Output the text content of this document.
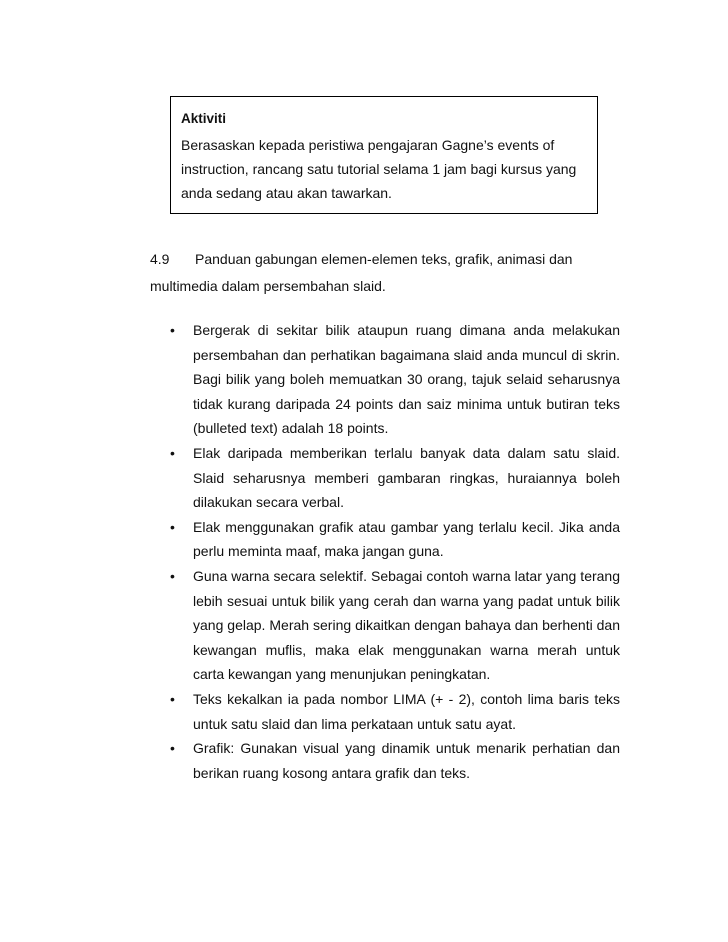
Aktiviti
Berasaskan kepada peristiwa pengajaran Gagne’s events of instruction, rancang satu tutorial selama 1 jam bagi kursus yang anda sedang atau akan tawarkan.
4.9 Panduan gabungan elemen-elemen teks, grafik, animasi dan multimedia dalam persembahan slaid.
• Bergerak di sekitar bilik ataupun ruang dimana anda melakukan persembahan dan perhatikan bagaimana slaid anda muncul di skrin. Bagi bilik yang boleh memuatkan 30 orang, tajuk selaid seharusnya tidak kurang daripada 24 points dan saiz minima untuk butiran teks (bulleted text) adalah 18 points.
• Elak daripada memberikan terlalu banyak data dalam satu slaid. Slaid seharusnya memberi gambaran ringkas, huraiannya boleh dilakukan secara verbal.
• Elak menggunakan grafik atau gambar yang terlalu kecil. Jika anda perlu meminta maaf, maka jangan guna.
• Guna warna secara selektif. Sebagai contoh warna latar yang terang lebih sesuai untuk bilik yang cerah dan warna yang padat untuk bilik yang gelap. Merah sering dikaitkan dengan bahaya dan berhenti dan kewangan muflis, maka elak menggunakan warna merah untuk carta kewangan yang menunjukan peningkatan.
• Teks kekalkan ia pada nombor LIMA (+ - 2), contoh lima baris teks untuk satu slaid dan lima perkataan untuk satu ayat.
• Grafik: Gunakan visual yang dinamik untuk menarik perhatian dan berikan ruang kosong antara grafik dan teks.
